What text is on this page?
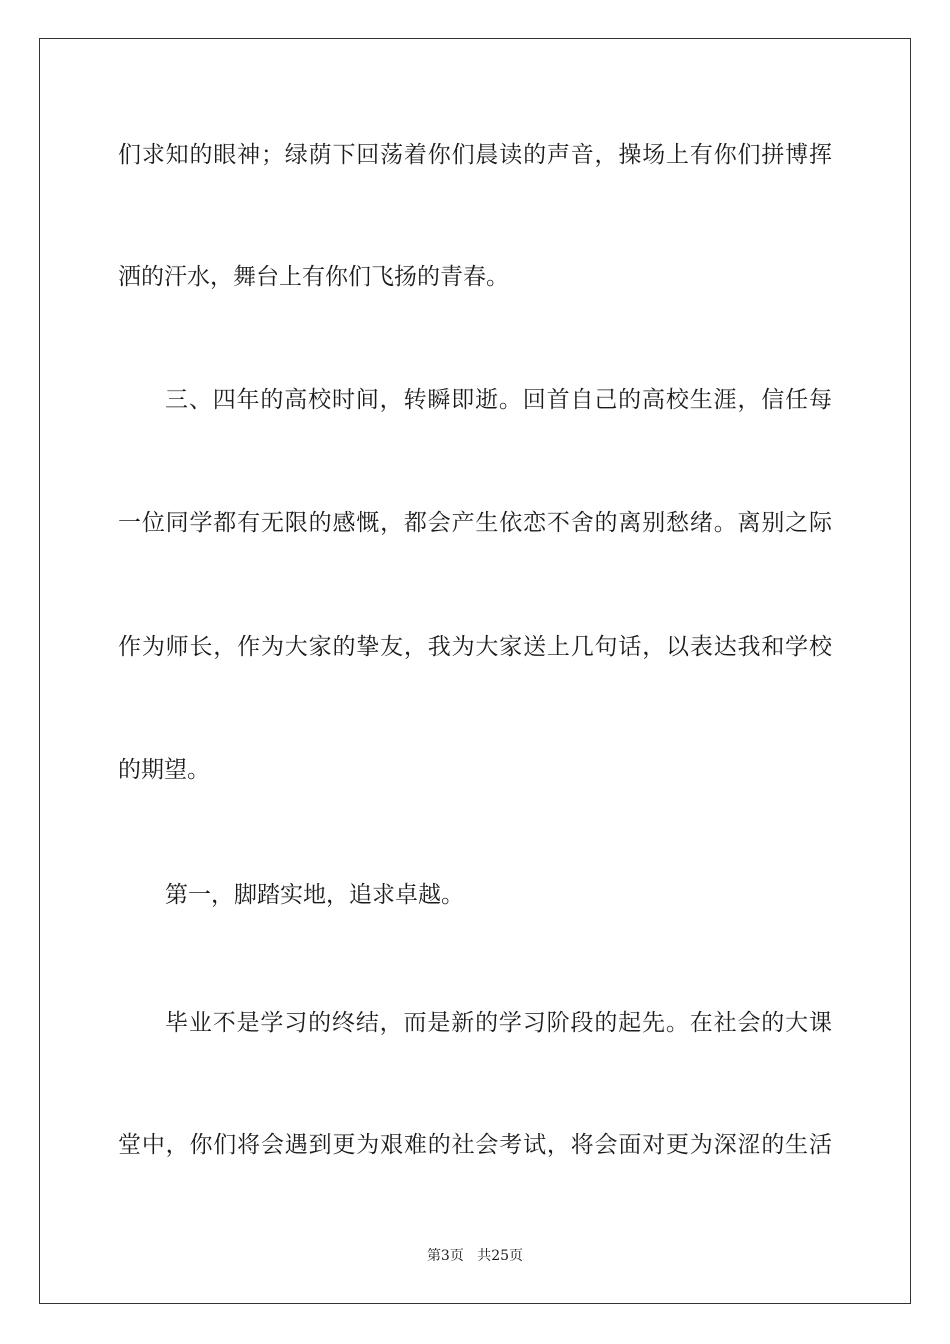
们求知的眼神；绿荫下回荡着你们晨读的声音，操场上有你们拼博挥
洒的汗水，舞台上有你们飞扬的青春。
三、四年的高校时间，转瞬即逝。回首自己的高校生涯，信任每
一位同学都有无限的感慨，都会产生依恋不舍的离别愁绪。离别之际
作为师长，作为大家的挚友，我为大家送上几句话，以表达我和学校
的期望。
第一，脚踏实地，追求卓越。
毕业不是学习的终结，而是新的学习阶段的起先。在社会的大课
堂中，你们将会遇到更为艰难的社会考试，将会面对更为深涩的生活
第3页 共25页
